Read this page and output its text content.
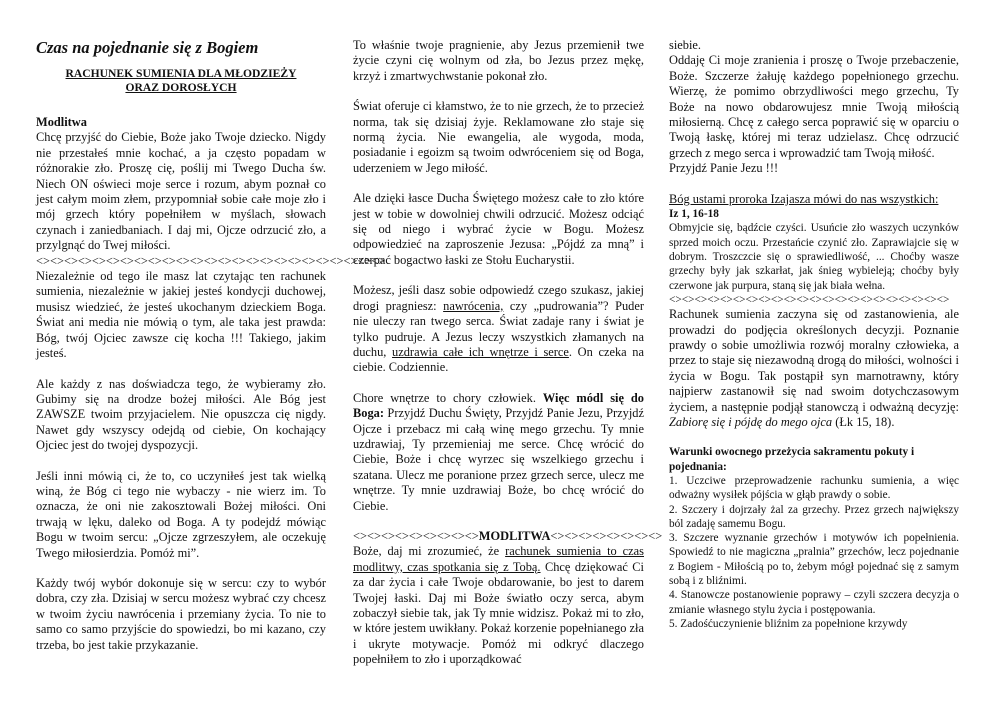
Czas na pojednanie się z Bogiem
RACHUNEK SUMIENIA DLA MŁODZIEŻY
ORAZ DOROSŁYCH
Modlitwa

Chcę przyjść do Ciebie, Boże jako Twoje dziecko. Nigdy nie przestałeś mnie kochać, a ja często popadam w różnorakie zło. Proszę cię, poślij mi Twego Ducha św. Niech ON oświeci moje serce i rozum, abym poznał co jest całym moim złem, przypomniał sobie całe moje zło i mój grzech który popełniłem w myślach, słowach czynach i zaniedbaniach. I daj mi, Ojcze odrzucić zło, a przylgnąć do Twej miłości.

<><><><><><><><><><><><><><><><><><><><><><><><><>

Niezależnie od tego ile masz lat czytając ten rachunek sumienia, niezależnie w jakiej jesteś kondycji duchowej, musisz wiedzieć, że jesteś ukochanym dzieckiem Boga. Świat ani media nie mówią o tym, ale taka jest prawda: Bóg, twój Ojciec zawsze cię kocha !!! Takiego, jakim jesteś.

Ale każdy z nas doświadcza tego, że wybieramy zło. Gubimy się na drodze bożej miłości. Ale Bóg jest ZAWSZE twoim przyjacielem. Nie opuszcza cię nigdy. Nawet gdy wszyscy odejdą od ciebie, On kochający Ojciec jest do twojej dyspozycji.

Jeśli inni mówią ci, że to, co uczyniłeś jest tak wielką winą, że Bóg ci tego nie wybaczy - nie wierz im. To oznacza, że oni nie zakosztowali Bożej miłości. Oni trwają w lęku, daleko od Boga. A ty podejdź mówiąc Bogu w twoim sercu: „Ojcze zgrzeszyłem, ale oczekuję Twego miłosierdzia. Pomóż mi”.

Każdy twój wybór dokonuje się w sercu: czy to wybór dobra, czy zła. Dzisiaj w sercu możesz wybrać czy chcesz w twoim życiu nawrócenia i przemiany życia. To nie to samo co samo przyjście do spowiedzi, bo mi kazano, czy trzeba, bo jest takie przykazanie.

To właśnie twoje pragnienie, aby Jezus przemienił twe życie czyni cię wolnym od zła, bo Jezus przez mękę, krzyż i zmartwychwstanie pokonał zło.

Świat oferuje ci kłamstwo, że to nie grzech, że to przecież norma, tak się dzisiaj żyje. Reklamowane zło staje się normą życia. Nie ewangelia, ale wygoda, moda, posiadanie i egoizm są twoim odwróceniem się od Boga, uderzeniem w Jego miłość.

Ale dzięki łasce Ducha Świętego możesz całe to zło które jest w tobie w dowolniej chwili odrzucić. Możesz odciąć się od niego i wybrać życie w Bogu. Możesz odpowiedzieć na zaproszenie Jezusa: „Pójdź za mną” i czerpać bogactwo łaski ze Stołu Eucharystii.

Możesz, jeśli dasz sobie odpowiedź czego szukasz, jakiej drogi pragniesz: nawrócenia, czy „pudrowania”? Puder nie uleczy ran twego serca. Świat zadaje rany i świat je tylko pudruje. A Jezus leczy wszystkich złamanych na duchu, uzdrawia całe ich wnętrze i serce. On czeka na ciebie. Codziennie.

Chore wnętrze to chory człowiek. Więc módl się do Boga: Przyjdź Duchu Święty, Przyjdź Panie Jezu, Przyjdź Ojcze i przebacz mi całą winę mego grzechu. Ty mnie uzdrawiaj, Ty przemieniaj me serce. Chcę wrócić do Ciebie, Boże i chcę wyrzec się wszelkiego grzechu i szatana. Ulecz me poranione przez grzech serce, ulecz me wnętrze. Ty mnie uzdrawiaj Boże, bo chcę wrócić do Ciebie.

<><><><><><><><><>MODLITWA<><><><><><><><>

Boże, daj mi zrozumieć, że rachunek sumienia to czas modlitwy, czas spotkania się z Tobą. Chcę dziękować Ci za dar życia i całe Twoje obdarowanie, bo jest to darem Twojej łaski. Daj mi Boże światło oczy serca, abym zobaczył siebie tak, jak Ty mnie widzisz. Pokaż mi to zło, w które jestem uwikłany. Pokaż korzenie popełnianego zła i ukryte motywacje. Pomóż mi odkryć dlaczego popełniłem to zło i uporządkować

siebie.
Oddaję Ci moje zranienia i proszę o Twoje przebaczenie, Boże. Szczerze żałuję każdego popełnionego grzechu. Wierzę, że pomimo obrzydliwości mego grzechu, Ty Boże na nowo obdarowujesz mnie Twoją miłością miłosierną. Chcę z całego serca poprawić się w oparciu o Twoją łaskę, której mi teraz udzielasz. Chcę odrzucić grzech z mego serca i wprowadzić tam Twoją miłość.

Przyjdź Panie Jezu !!!

Bóg ustami proroka Izajasza mówi do nas wszystkich:
Iz 1, 16-18

Obmyjcie się, bądźcie czyści. Usuńcie zło waszych uczynków sprzed moich oczu. Przestańcie czynić zło. Zaprawiajcie się w dobrym. Troszczcie się o sprawiedliwość, ... Choćby wasze grzechy były jak szkarłat, jak śnieg wybieleją; choćby były czerwone jak purpura, staną się jak biała wełna.

<><><><><><><><><><><><><><><><><><><><><><>

Rachunek sumienia zaczyna się od zastanowienia, ale prowadzi do podjęcia określonych decyzji. Poznanie prawdy o sobie umożliwia rozwój moralny człowieka, a przez to staje się niezawodną drogą do miłości, wolności i życia w Bogu. Tak postąpił syn marnotrawny, który najpierw zastanowił się nad swoim dotychczasowym życiem, a następnie podjął stanowczą i odważną decyzję: Zabiorę się i pójdę do mego ojca (Łk 15, 18).

Warunki owocnego przeżycia sakramentu pokuty i pojednania:
1. Uczciwe przeprowadzenie rachunku sumienia, a więc odważny wysiłek pójścia w głąb prawdy o sobie.
2. Szczery i dojrzały żal za grzechy. Przez grzech największy ból zadaję samemu Bogu.
3. Szczere wyznanie grzechów i motywów ich popełnienia. Spowiedź to nie magiczna „pralnia” grzechów, lecz pojednanie z Bogiem - Miłością po to, żebym mógł pojednać się z samym sobą i z bliźnimi.
4. Stanowcze postanowienie poprawy – czyli szczera decyzja o zmianie własnego stylu życia i postępowania.
5. Zadośćuczynienie bliźnim za popełnione krzywdy
